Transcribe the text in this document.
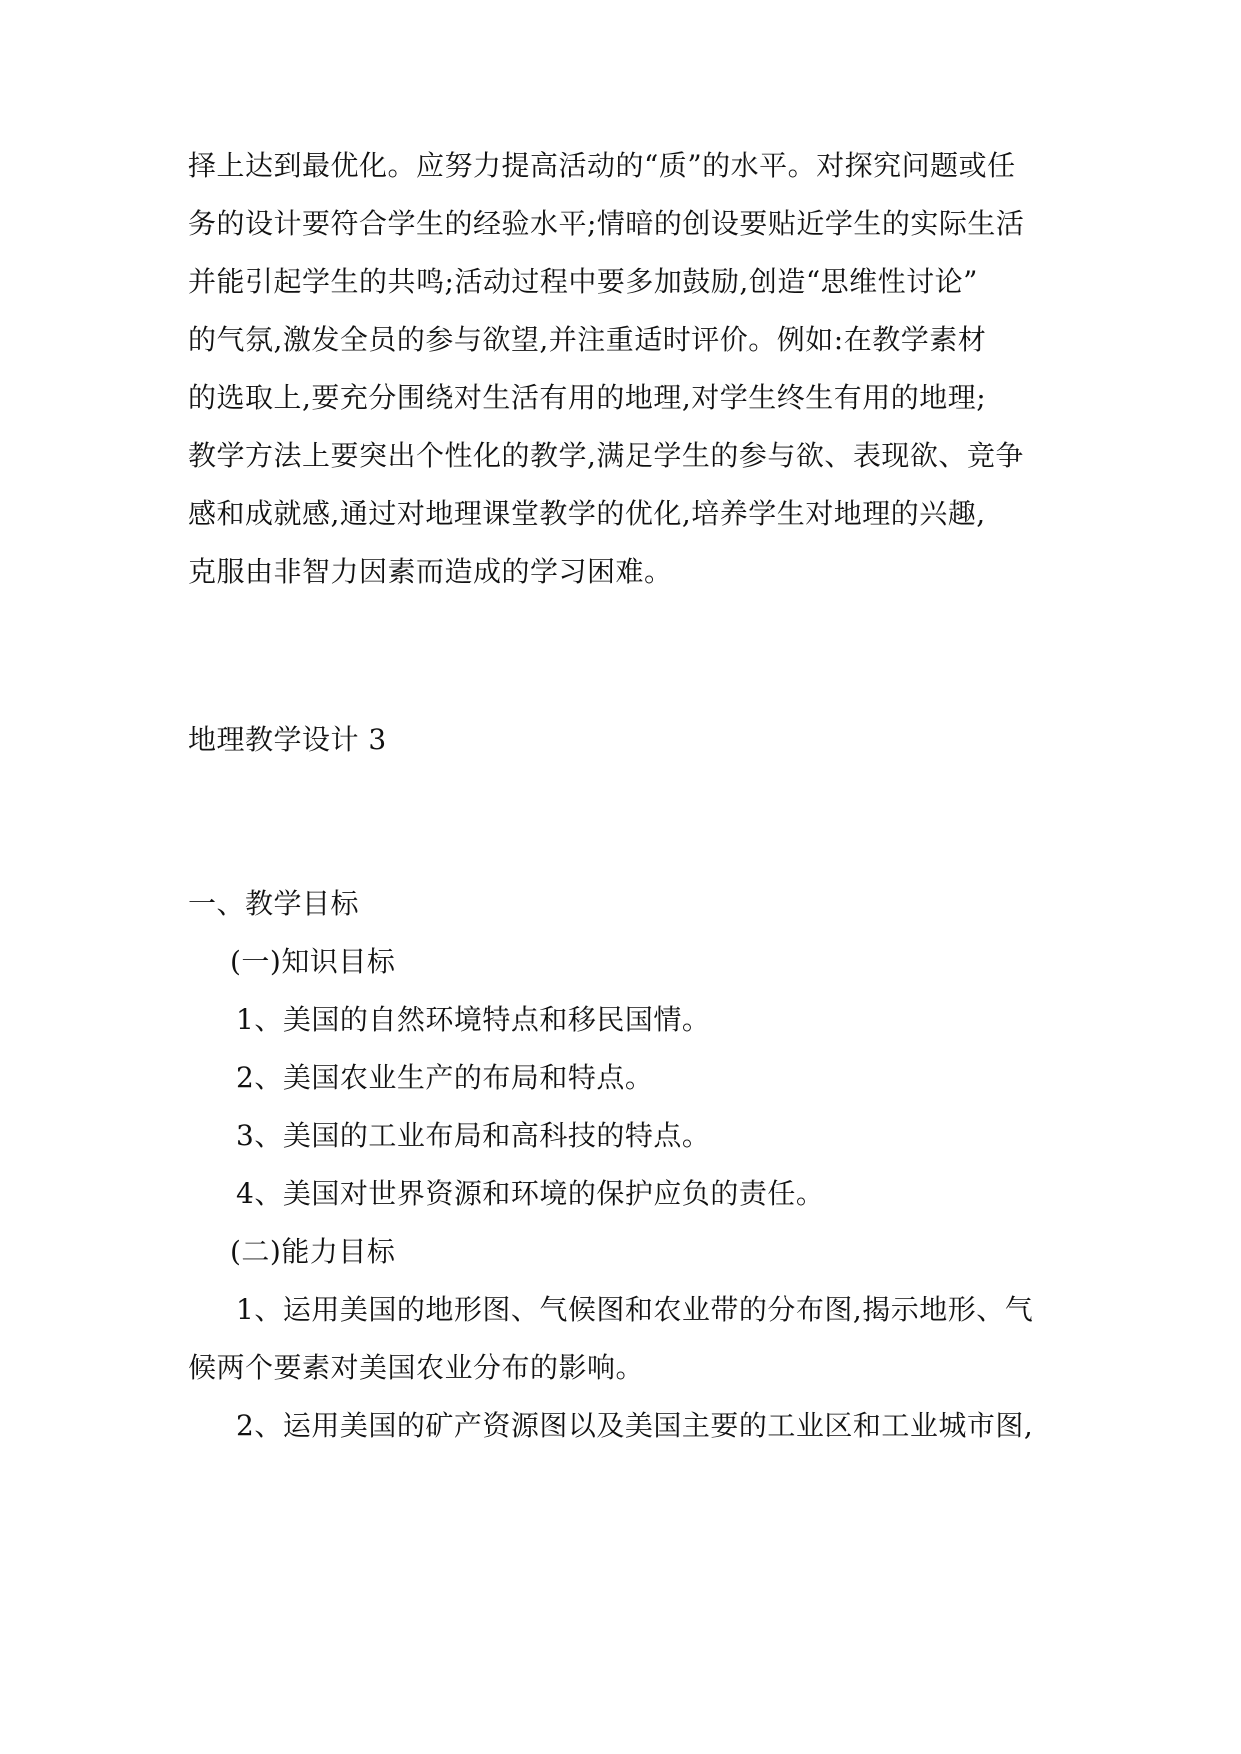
择上达到最优化。应努力提高活动的“质”的水平。对探究问题或任
务的设计要符合学生的经验水平;情暗的创设要贴近学生的实际生活
并能引起学生的共鸣;活动过程中要多加鼓励,创造“思维性讨论”
的气氛,激发全员的参与欲望,并注重适时评价。例如:在教学素材
的选取上,要充分围绕对生活有用的地理,对学生终生有用的地理;
教学方法上要突出个性化的教学,满足学生的参与欲、表现欲、竞争
感和成就感,通过对地理课堂教学的优化,培养学生对地理的兴趣,
克服由非智力因素而造成的学习困难。
地理教学设计 3
一、教学目标
(一)知识目标
1、美国的自然环境特点和移民国情。
2、美国农业生产的布局和特点。
3、美国的工业布局和高科技的特点。
4、美国对世界资源和环境的保护应负的责任。
(二)能力目标
1、运用美国的地形图、气候图和农业带的分布图,揭示地形、气
候两个要素对美国农业分布的影响。
2、运用美国的矿产资源图以及美国主要的工业区和工业城市图,
